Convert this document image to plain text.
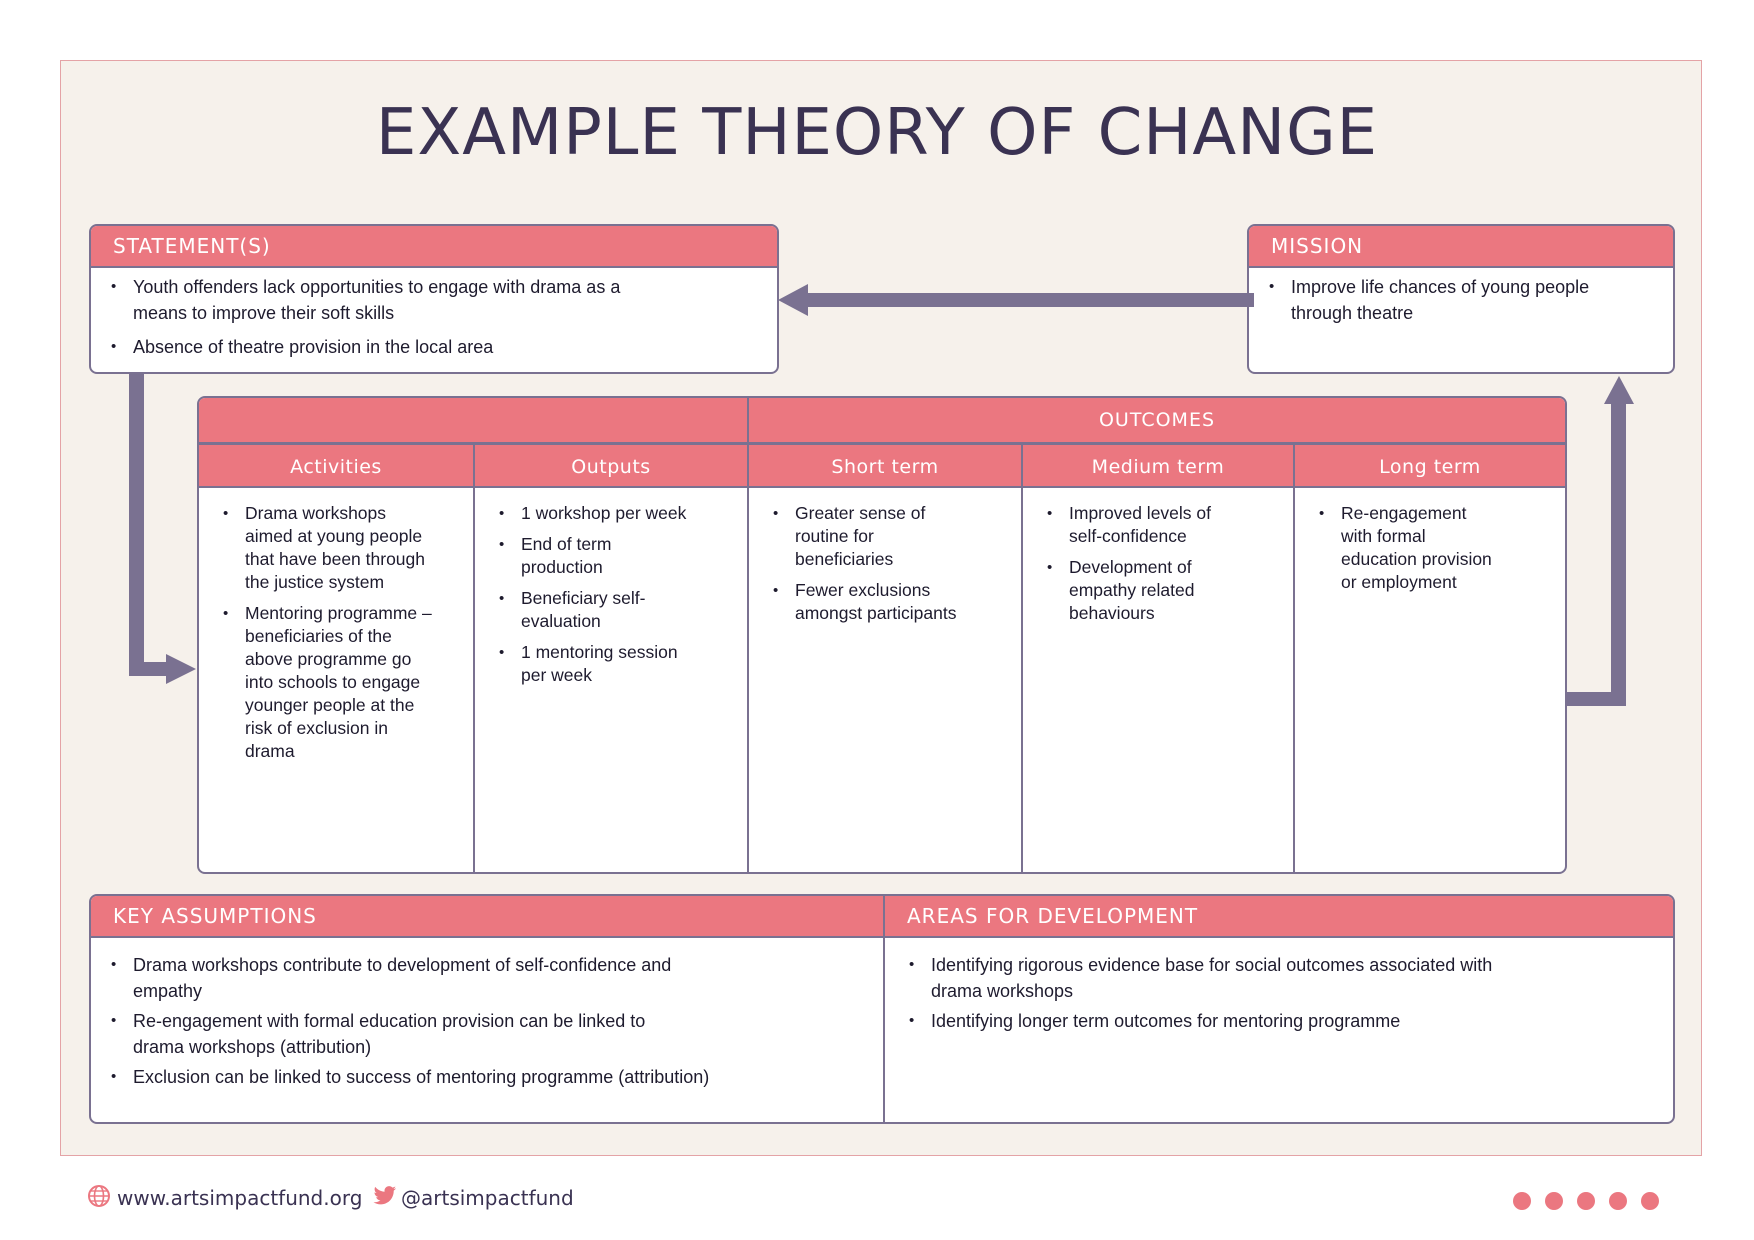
EXAMPLE THEORY OF CHANGE
STATEMENT(S)
• Youth offenders lack opportunities to engage with drama as a means to improve their soft skills
• Absence of theatre provision in the local area
MISSION
• Improve life chances of young people through theatre
OUTCOMES
Activities
• Drama workshops aimed at young people that have been through the justice system
• Mentoring programme – beneficiaries of the above programme go into schools to engage younger people at the risk of exclusion in drama
Outputs
• 1 workshop per week
• End of term production
• Beneficiary self-evaluation
• 1 mentoring session per week
Short term
• Greater sense of routine for beneficiaries
• Fewer exclusions amongst participants
Medium term
• Improved levels of self-confidence
• Development of empathy related behaviours
Long term
• Re-engagement with formal education provision or employment
KEY ASSUMPTIONS
• Drama workshops contribute to development of self-confidence and empathy
• Re-engagement with formal education provision can be linked to drama workshops (attribution)
• Exclusion can be linked to success of mentoring programme (attribution)
AREAS FOR DEVELOPMENT
• Identifying rigorous evidence base for social outcomes associated with drama workshops
• Identifying longer term outcomes for mentoring programme
www.artsimpactfund.org @artsimpactfund
